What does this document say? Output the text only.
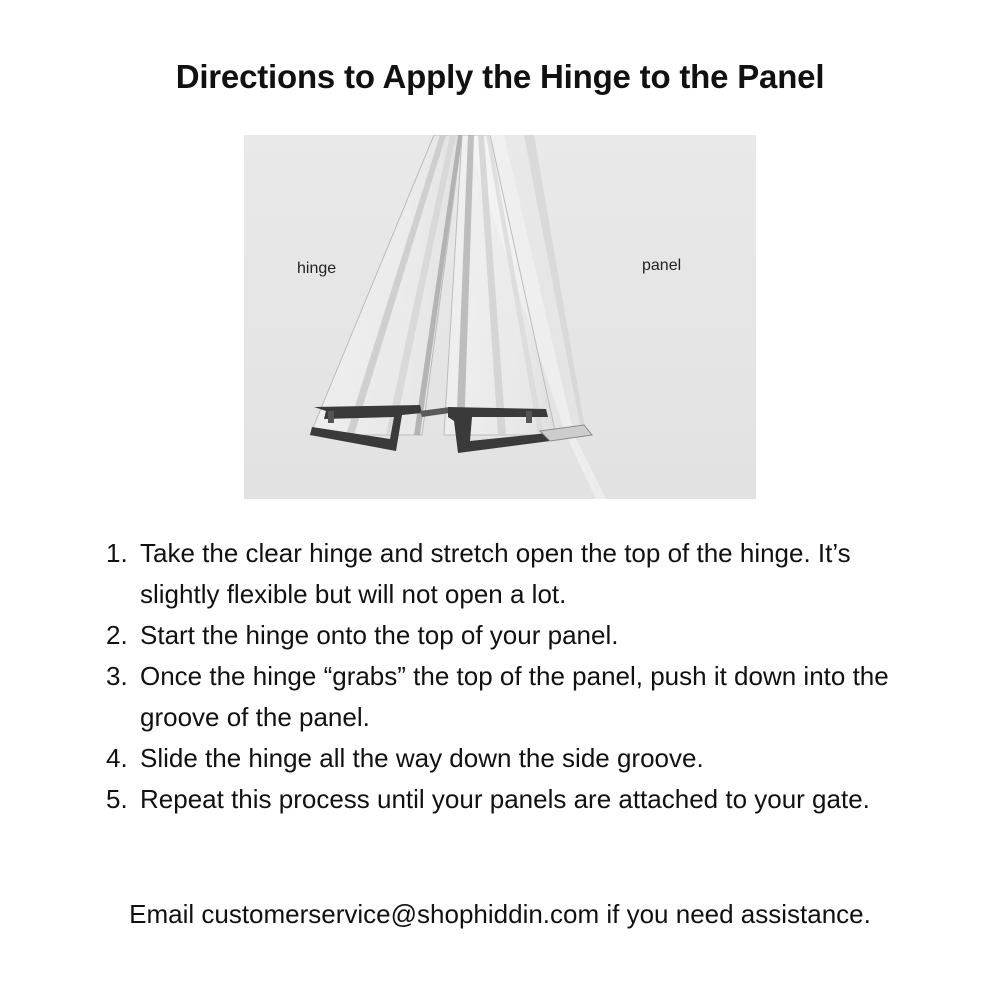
Directions to Apply the Hinge to the Panel
hinge	panel
1. Take the clear hinge and stretch open the top of the hinge. It’s slightly flexible but will not open a lot.
2. Start the hinge onto the top of your panel.
3. Once the hinge “grabs” the top of the panel, push it down into the groove of the panel.
4. Slide the hinge all the way down the side groove.
5. Repeat this process until your panels are attached to your gate.

Email customerservice@shophiddin.com if you need assistance.
